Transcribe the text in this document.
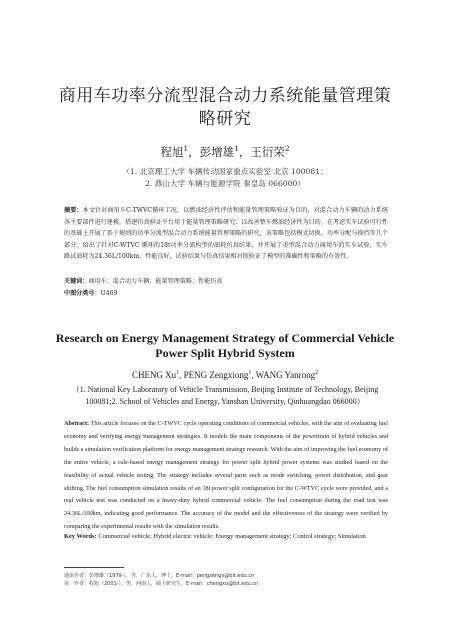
商用车功率分流型混合动力系统能量管理策
略研究
程旭$^1$，彭增雄$^1$，王衍荣$^2$
（1. 北京理工大学 车辆传动国家重点实验室 北京 100081；
2. 燕山大学 车辆与能源学院 秦皇岛 066000）
摘要：本文针对商用车C-TWVC循环工况，以燃油经济性评估和能量管理策略验证为目的，对混合动力车辆的动力系统各主要部件进行建模，搭建仿真验证平台用于能量管理策略研究；以改善整车燃油经济性为目的，在考虑实车试验可行性的基础上开展了基于规则的功率分流型混合动力系统能量管理策略的研究，该策略包括模式切换、功率分配与换挡等几个部分。给出了针对C-WTVC 循环的18t功率分流构型的油耗仿真结果，并开展了重型混合动力商用车的实车试验，实车路试油耗为24.36L/100km，性能良好，试验结果与仿真结果相对照验证了模型的准确性和策略的有效性。
关键词：商用车；混合动力车辆；能量管理策略；性能仿真
中图分类号：U469
Research on Energy Management Strategy of Commercial Vehicle
Power Split Hybrid System
CHENG Xu$^1$, PENG Zengxiong$^1$, WANG Yanrong$^2$
（1. National Key Laboratory of Vehicle Transmission, Beijing Institute of Technology, Beijing
100081;2. School of Vehicles and Energy, Yanshan University, Qinhuangdao 066000）
Abstract: This article focuses on the C-TWVC cycle operating conditions of commercial vehicles, with the aim of evaluating fuel economy and verifying energy management strategies. It models the main components of the powertrain of hybrid vehicles and builds a simulation verification platform for energy management strategy research. With the aim of improving the fuel economy of the entire vehicle, a rule-based energy management strategy for power split hybrid power systems was studied based on the feasibility of actual vehicle testing. The strategy includes several parts such as mode switching, power distribution, and gear shifting. The fuel consumption simulation results of an 18t power split configuration for the C-WTVC cycle were provided, and a real vehicle test was conducted on a heavy-duty hybrid commercial vehicle. The fuel consumption during the road test was 24.36L/100km, indicating good performance. The accuracy of the model and the effectiveness of the strategy were verified by comparing the experimental results with the simulation results.
Key Words: Commercial vehicle; Hybrid electric vehicle; Energy management strategy; Control strategy; Simulation
通讯作者：彭增雄（1979-），男，广东人，博士，E-mail：pengzengx@bit.edu.cn
第一作者：程旭（2001-），男，河南人，硕士研究生，E-mail：chengxu@bit.edu.cn
